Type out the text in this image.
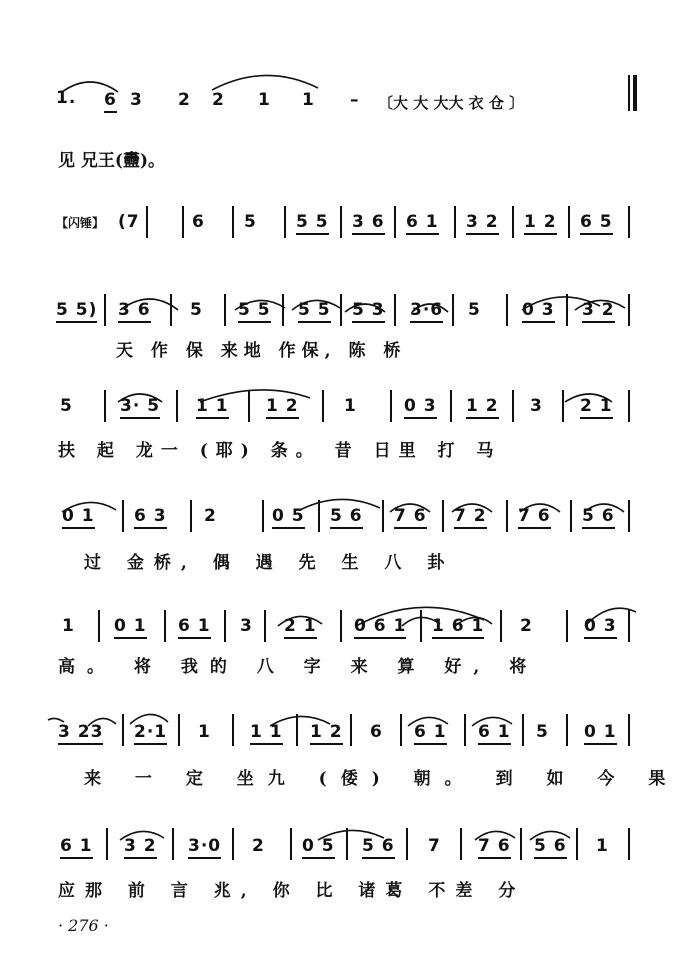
1. 6 3 2 2 1 1 – 〔大 大 大大 衣 仓 〕
见 兄王(䀌)。
【闪锤】 (7	6 5 5 5 3 6 6 1 3 2 1 2 6 5
5 5) 3 6 5 5 5 5 5 5 3 3·6 5 0 3 3 2
天 作 保 来地 作保, 陈 桥
5	3· 5 1 1 1 2	1	0 3 1 2 3 2 1
扶 起 龙一 (耶) 条。 昔 日里 打 马
0 1 6 3 2	0 5 5 6 7 6 7 2 7 6 5 6
过 金桥, 偶 遇 先 生 八 卦
1 0 1 6 1 3 2 1 0 6 1 1 6 1 2	0 3
高。 将 我的 八 字 来 算 好, 将
3 23 2·1 1 1 1 1 2 6 6 1 6 1 5 0 1
来 一 定 坐九 (倭) 朝。 到 如 今 果
6 1 3 2 3·0 2 0 5 5 6 7 7 6 5 6 1
应那 前 言 兆, 你 比 诸葛 不差 分
· 276 ·
